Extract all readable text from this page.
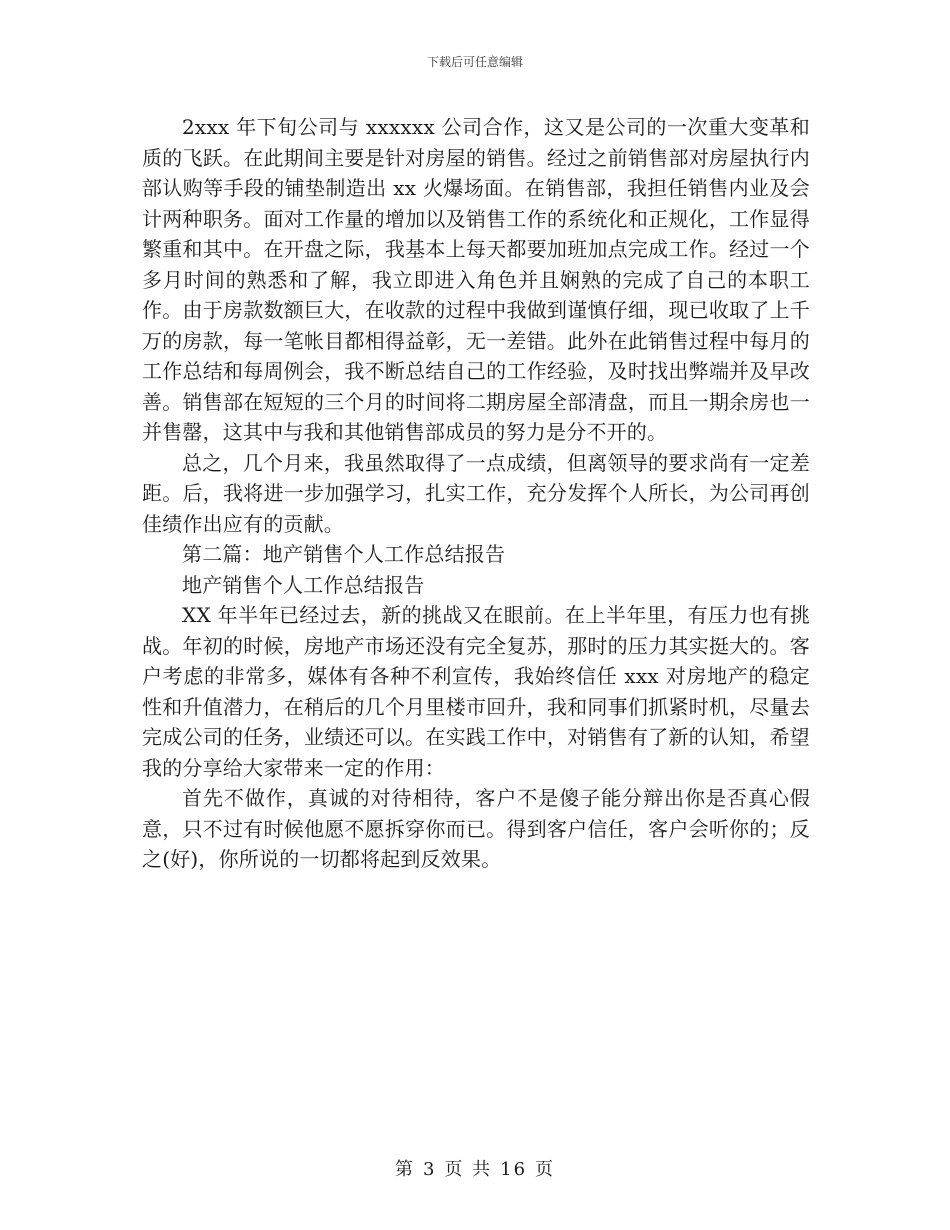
下载后可任意编辑

2xxx 年下旬公司与 xxxxxx 公司合作，这又是公司的一次重大变革和质的飞跃。在此期间主要是针对房屋的销售。经过之前销售部对房屋执行内部认购等手段的铺垫制造出 xx 火爆场面。在销售部，我担任销售内业及会计两种职务。面对工作量的增加以及销售工作的系统化和正规化，工作显得繁重和其中。在开盘之际，我基本上每天都要加班加点完成工作。经过一个多月时间的熟悉和了解，我立即进入角色并且娴熟的完成了自己的本职工作。由于房款数额巨大，在收款的过程中我做到谨慎仔细，现已收取了上千万的房款，每一笔帐目都相得益彰，无一差错。此外在此销售过程中每月的工作总结和每周例会，我不断总结自己的工作经验，及时找出弊端并及早改善。销售部在短短的三个月的时间将二期房屋全部清盘，而且一期余房也一并售罄，这其中与我和其他销售部成员的努力是分不开的。

总之，几个月来，我虽然取得了一点成绩，但离领导的要求尚有一定差距。后，我将进一步加强学习，扎实工作，充分发挥个人所长，为公司再创佳绩作出应有的贡献。

第二篇：地产销售个人工作总结报告

地产销售个人工作总结报告

XX 年半年已经过去，新的挑战又在眼前。在上半年里，有压力也有挑战。年初的时候，房地产市场还没有完全复苏，那时的压力其实挺大的。客户考虑的非常多，媒体有各种不利宣传，我始终信任 xxx 对房地产的稳定性和升值潜力，在稍后的几个月里楼市回升，我和同事们抓紧时机，尽量去完成公司的任务，业绩还可以。在实践工作中，对销售有了新的认知，希望我的分享给大家带来一定的作用：

首先不做作，真诚的对待相待，客户不是傻子能分辩出你是否真心假意，只不过有时候他愿不愿拆穿你而已。得到客户信任，客户会听你的；反之(好)，你所说的一切都将起到反效果。

第 3 页 共 16 页
